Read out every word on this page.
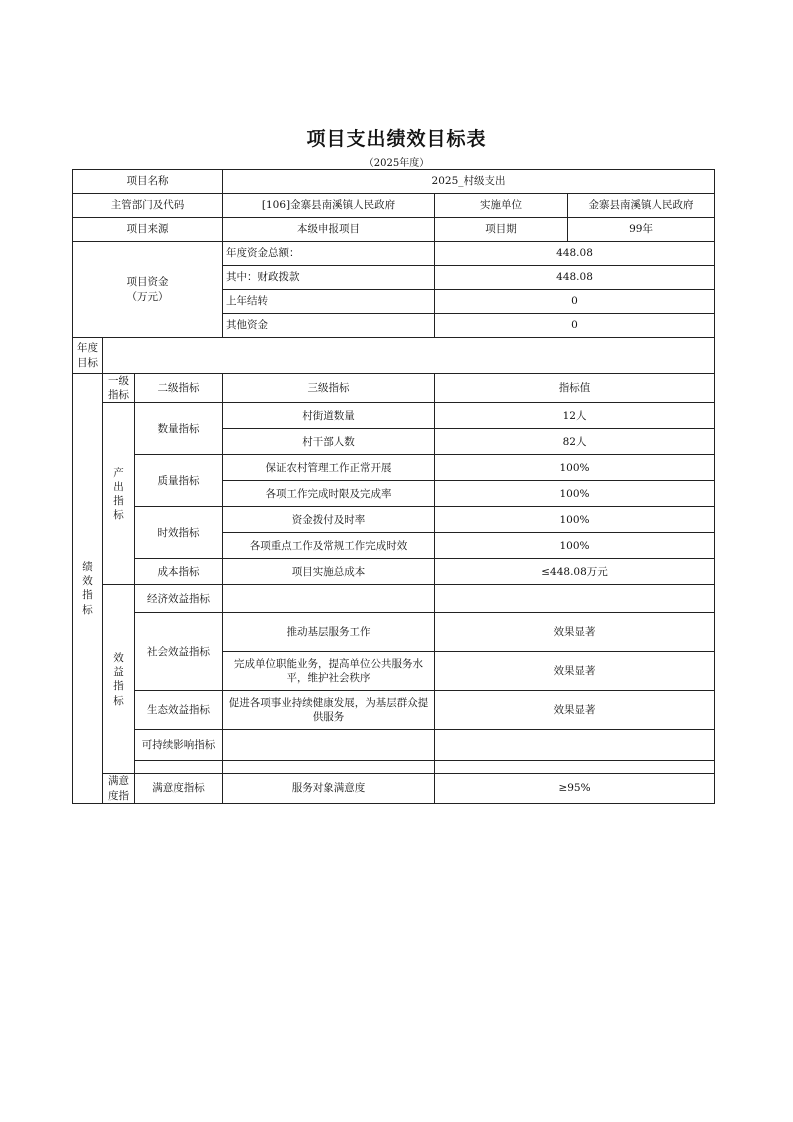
项目支出绩效目标表
（2025年度）
项目名称			2025_村级支出		
主管部门及代码			[106]金寨县南溪镇人民政府	实施单位	金寨县南溪镇人民政府
项目来源			本级申报项目	项目期	99年
项目资金
（万元）			年度资金总额：	448.08	
			其中：财政拨款	448.08	
			上年结转	0	
			其他资金	0	
年度目标					
绩效指标	一级指标	二级指标	三级指标	指标值	
	产出指标	数量指标	村街道数量	12人	
			村干部人数	82人	
		质量指标	保证农村管理工作正常开展	100%	
			各项工作完成时限及完成率	100%	
		时效指标	资金拨付及时率	100%	
			各项重点工作及常规工作完成时效	100%	
		成本指标	项目实施总成本	≤448.08万元	
	效益指标	经济效益指标			
		社会效益指标	推动基层服务工作	效果显著	
			完成单位职能业务，提高单位公共服务水平，维护社会秩序	效果显著	
		生态效益指标	促进各项事业持续健康发展，为基层群众提供服务	效果显著	
		可持续影响指标			

	满意度指	满意度指标	服务对象满意度	≥95%	
